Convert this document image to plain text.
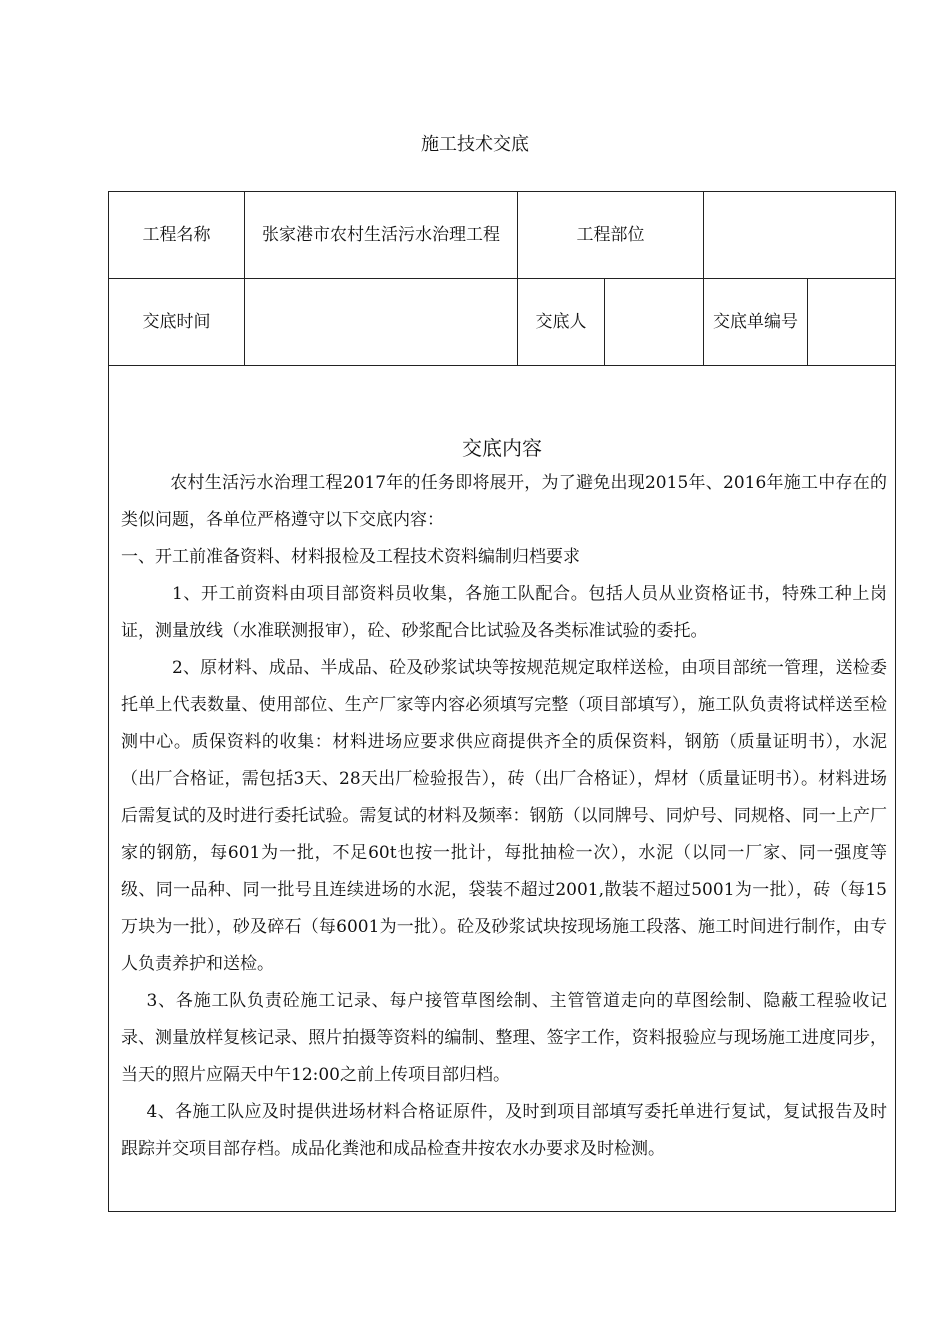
施工技术交底
工程名称	张家港市农村生活污水治理工程	工程部位			
交底时间		交底人		交底单编号	
交底内容

农村生活污水治理工程2017年的任务即将展开，为了避免出现2015年、2016年施工中存在的类似问题，各单位严格遵守以下交底内容：

一、开工前准备资料、材料报检及工程技术资料编制归档要求

1、开工前资料由项目部资料员收集，各施工队配合。包括人员从业资格证书，特殊工种上岗证，测量放线（水准联测报审），砼、砂浆配合比试验及各类标准试验的委托。

2、原材料、成品、半成品、砼及砂浆试块等按规范规定取样送检，由项目部统一管理，送检委托单上代表数量、使用部位、生产厂家等内容必须填写完整（项目部填写），施工队负责将试样送至检测中心。质保资料的收集：材料进场应要求供应商提供齐全的质保资料，钢筋（质量证明书），水泥（出厂合格证，需包括3天、28天出厂检验报告），砖（出厂合格证），焊材（质量证明书）。材料进场后需复试的及时进行委托试验。需复试的材料及频率：钢筋（以同牌号、同炉号、同规格、同一上产厂家的钢筋，每601为一批，不足60t也按一批计，每批抽检一次），水泥（以同一厂家、同一强度等级、同一品种、同一批号且连续进场的水泥，袋装不超过2001,散装不超过5001为一批），砖（每15万块为一批），砂及碎石（每6001为一批）。砼及砂浆试块按现场施工段落、施工时间进行制作，由专人负责养护和送检。

3、各施工队负责砼施工记录、每户接管草图绘制、主管管道走向的草图绘制、隐蔽工程验收记录、测量放样复核记录、照片拍摄等资料的编制、整理、签字工作，资料报验应与现场施工进度同步，当天的照片应隔天中午12:00之前上传项目部归档。

4、各施工队应及时提供进场材料合格证原件，及时到项目部填写委托单进行复试，复试报告及时跟踪并交项目部存档。成品化粪池和成品检查井按农水办要求及时检测。
